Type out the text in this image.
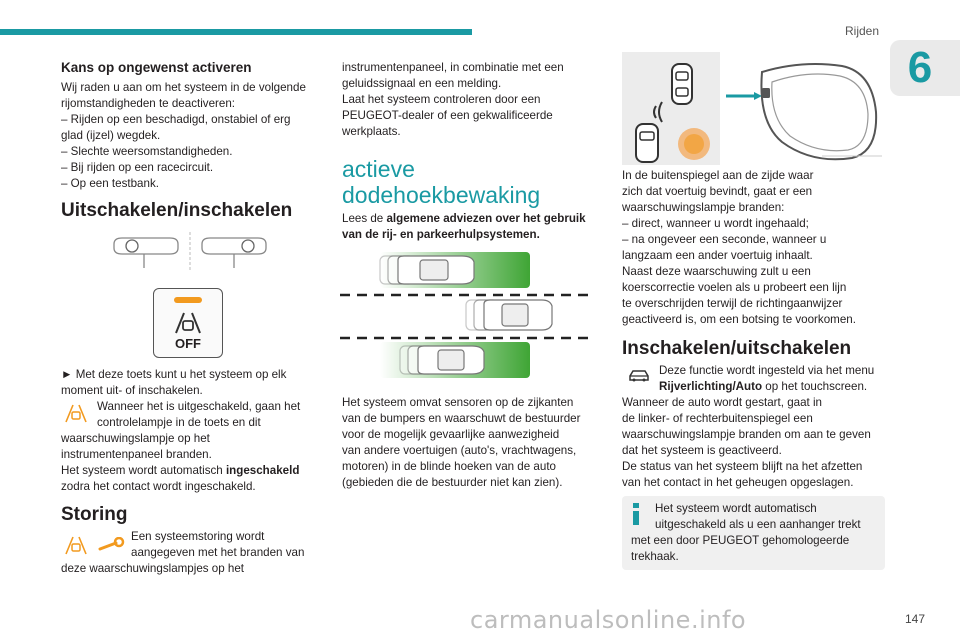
Rijden
6
Kans op ongewenst activeren
Wij raden u aan om het systeem in de volgende
rijomstandigheden te deactiveren:
– Rijden op een beschadigd, onstabiel of erg
glad (ijzel) wegdek.
– Slechte weersomstandigheden.
– Bij rijden op een racecircuit.
– Op een testbank.
Uitschakelen/inschakelen
OFF
► Met deze toets kunt u het systeem op elk
moment uit- of inschakelen.
Wanneer het is uitgeschakeld, gaan het
controlelampje in de toets en dit
waarschuwingslampje op het
instrumentenpaneel branden.
Het systeem wordt automatisch ingeschakeld
zodra het contact wordt ingeschakeld.
Storing
Een systeemstoring wordt
aangegeven met het branden van
deze waarschuwingslampjes op het
instrumentenpaneel, in combinatie met een
geluidssignaal en een melding.
Laat het systeem controleren door een
PEUGEOT-dealer of een gekwalificeerde
werkplaats.
actieve
dodehoekbewaking
Lees de algemene adviezen over het gebruik
van de rij- en parkeerhulpsystemen.
Het systeem omvat sensoren op de zijkanten
van de bumpers en waarschuwt de bestuurder
voor de mogelijk gevaarlijke aanwezigheid
van andere voertuigen (auto's, vrachtwagens,
motoren) in de blinde hoeken van de auto
(gebieden die de bestuurder niet kan zien).
In de buitenspiegel aan de zijde waar
zich dat voertuig bevindt, gaat er een
waarschuwingslampje branden:
– direct, wanneer u wordt ingehaald;
– na ongeveer een seconde, wanneer u
langzaam een ander voertuig inhaalt.
Naast deze waarschuwing zult u een
koerscorrectie voelen als u probeert een lijn
te overschrijden terwijl de richtingaanwijzer
geactiveerd is, om een botsing te voorkomen.
Inschakelen/uitschakelen
Deze functie wordt ingesteld via het menu
Rijverlichting/Auto op het touchscreen.
Wanneer de auto wordt gestart, gaat in
de linker- of rechterbuitenspiegel een
waarschuwingslampje branden om aan te geven
dat het systeem is geactiveerd.
De status van het systeem blijft na het afzetten
van het contact in het geheugen opgeslagen.
Het systeem wordt automatisch
uitgeschakeld als u een aanhanger trekt
met een door PEUGEOT gehomologeerde
trekhaak.
147
carmanualsonline.info
